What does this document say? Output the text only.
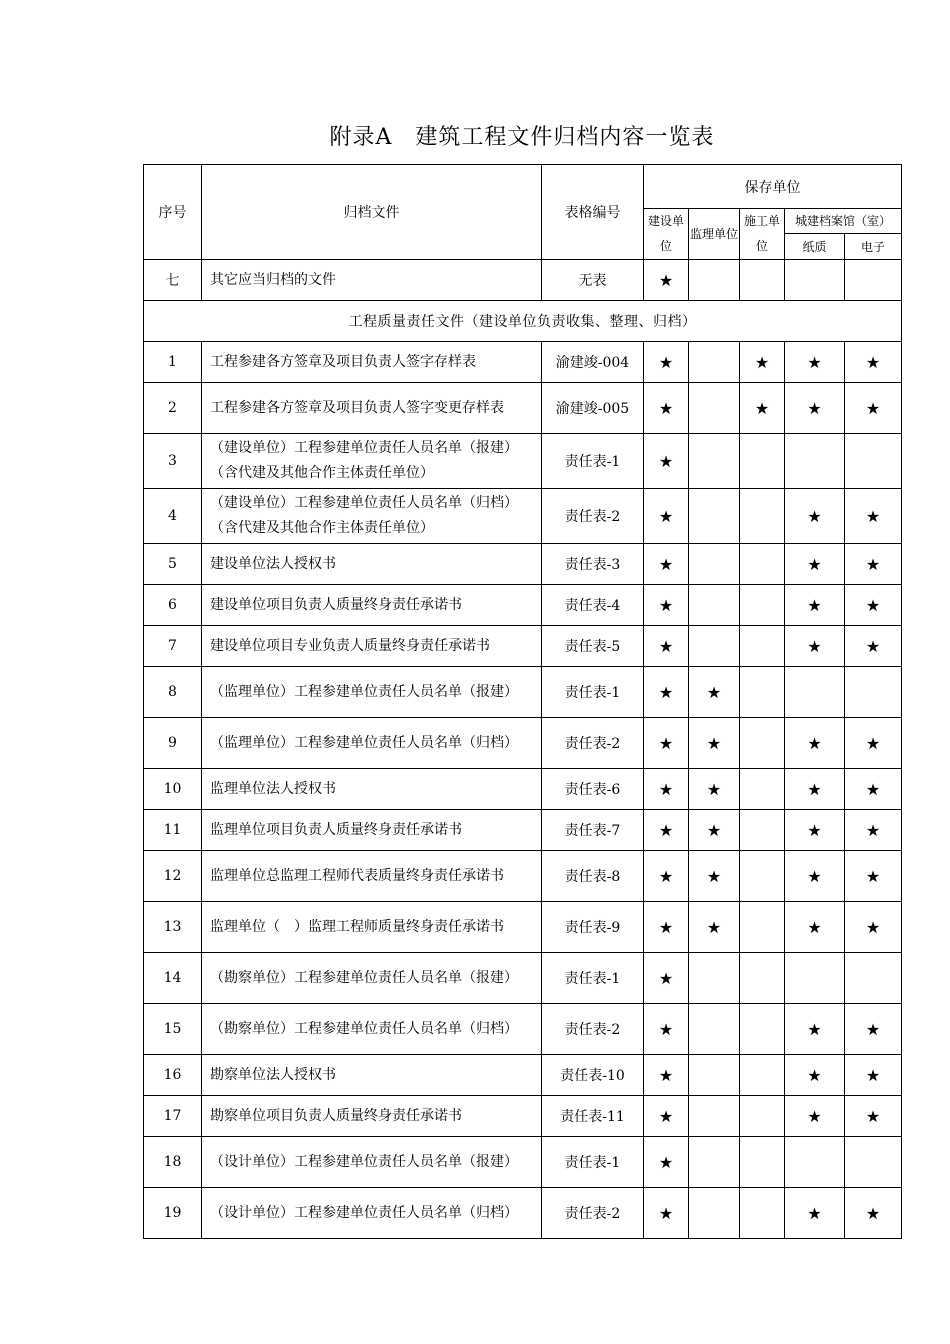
附录A　建筑工程文件归档内容一览表
序号	归档文件	表格编号	保存单位				
			建设单位	监理单位	施工单位	城建档案馆（室）	
						纸质	电子
七	其它应当归档的文件	无表	★				
工程质量责任文件（建设单位负责收集、整理、归档）							
1	工程参建各方签章及项目负责人签字存样表	渝建竣-004	★		★	★	★
2	工程参建各方签章及项目负责人签字变更存样表	渝建竣-005	★		★	★	★
3	（建设单位）工程参建单位责任人员名单（报建）（含代建及其他合作主体责任单位）	责任表-1	★				
4	（建设单位）工程参建单位责任人员名单（归档）（含代建及其他合作主体责任单位）	责任表-2	★			★	★
5	建设单位法人授权书	责任表-3	★			★	★
6	建设单位项目负责人质量终身责任承诺书	责任表-4	★			★	★
7	建设单位项目专业负责人质量终身责任承诺书	责任表-5	★			★	★
8	（监理单位）工程参建单位责任人员名单（报建）	责任表-1	★	★			
9	（监理单位）工程参建单位责任人员名单（归档）	责任表-2	★	★		★	★
10	监理单位法人授权书	责任表-6	★	★		★	★
11	监理单位项目负责人质量终身责任承诺书	责任表-7	★	★		★	★
12	监理单位总监理工程师代表质量终身责任承诺书	责任表-8	★	★		★	★
13	监理单位（　）监理工程师质量终身责任承诺书	责任表-9	★	★		★	★
14	（勘察单位）工程参建单位责任人员名单（报建）	责任表-1	★				
15	（勘察单位）工程参建单位责任人员名单（归档）	责任表-2	★			★	★
16	勘察单位法人授权书	责任表-10	★			★	★
17	勘察单位项目负责人质量终身责任承诺书	责任表-11	★			★	★
18	（设计单位）工程参建单位责任人员名单（报建）	责任表-1	★				
19	（设计单位）工程参建单位责任人员名单（归档）	责任表-2	★			★	★
